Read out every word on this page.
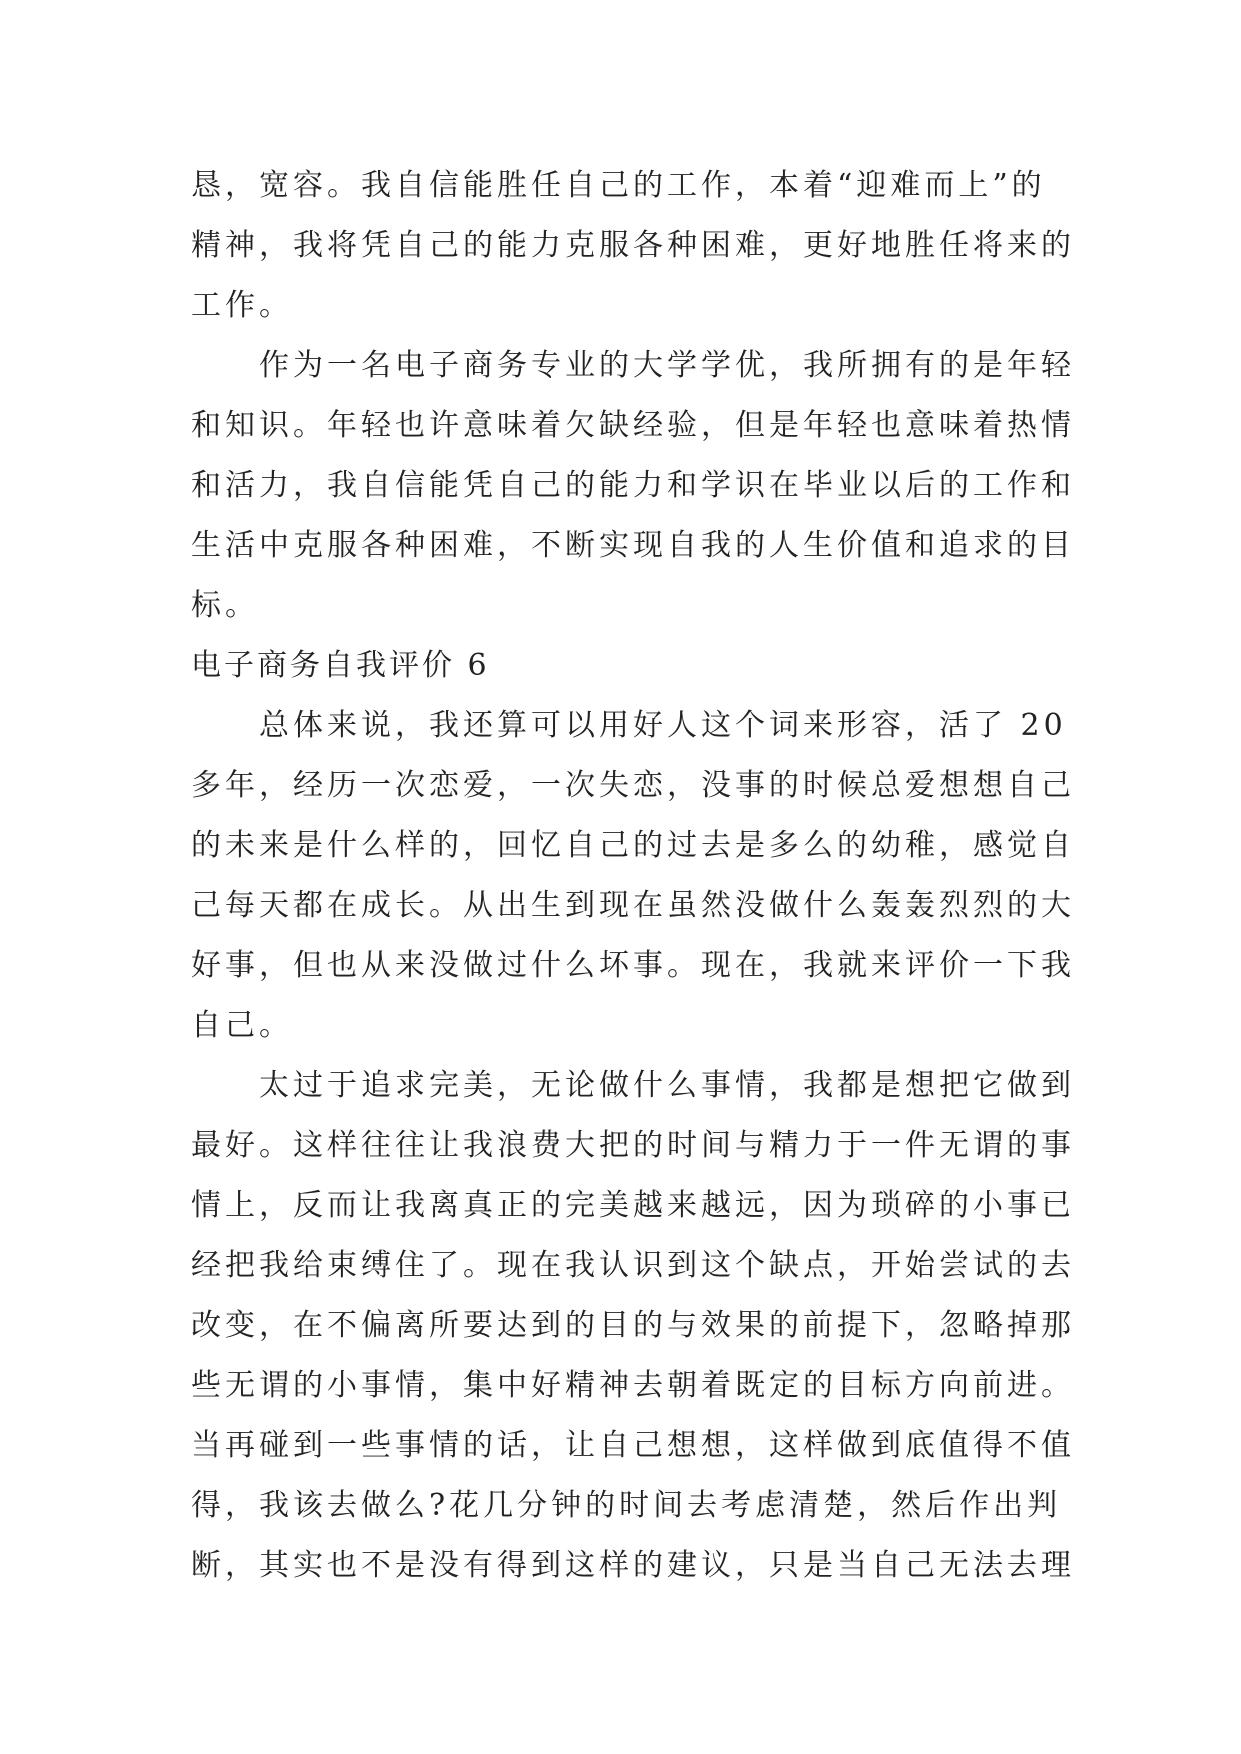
恳，宽容。我自信能胜任自己的工作，本着“迎难而上”的
精神，我将凭自己的能力克服各种困难，更好地胜任将来的
工作。
作为一名电子商务专业的大学学优，我所拥有的是年轻
和知识。年轻也许意味着欠缺经验，但是年轻也意味着热情
和活力，我自信能凭自己的能力和学识在毕业以后的工作和
生活中克服各种困难，不断实现自我的人生价值和追求的目
标。
电子商务自我评价 6
总体来说，我还算可以用好人这个词来形容，活了 20
多年，经历一次恋爱，一次失恋，没事的时候总爱想想自己
的未来是什么样的，回忆自己的过去是多么的幼稚，感觉自
己每天都在成长。从出生到现在虽然没做什么轰轰烈烈的大
好事，但也从来没做过什么坏事。现在，我就来评价一下我
自己。
太过于追求完美，无论做什么事情，我都是想把它做到
最好。这样往往让我浪费大把的时间与精力于一件无谓的事
情上，反而让我离真正的完美越来越远，因为琐碎的小事已
经把我给束缚住了。现在我认识到这个缺点，开始尝试的去
改变，在不偏离所要达到的目的与效果的前提下，忽略掉那
些无谓的小事情，集中好精神去朝着既定的目标方向前进。
当再碰到一些事情的话，让自己想想，这样做到底值得不值
得，我该去做么?花几分钟的时间去考虑清楚，然后作出判
断，其实也不是没有得到这样的建议，只是当自己无法去理
